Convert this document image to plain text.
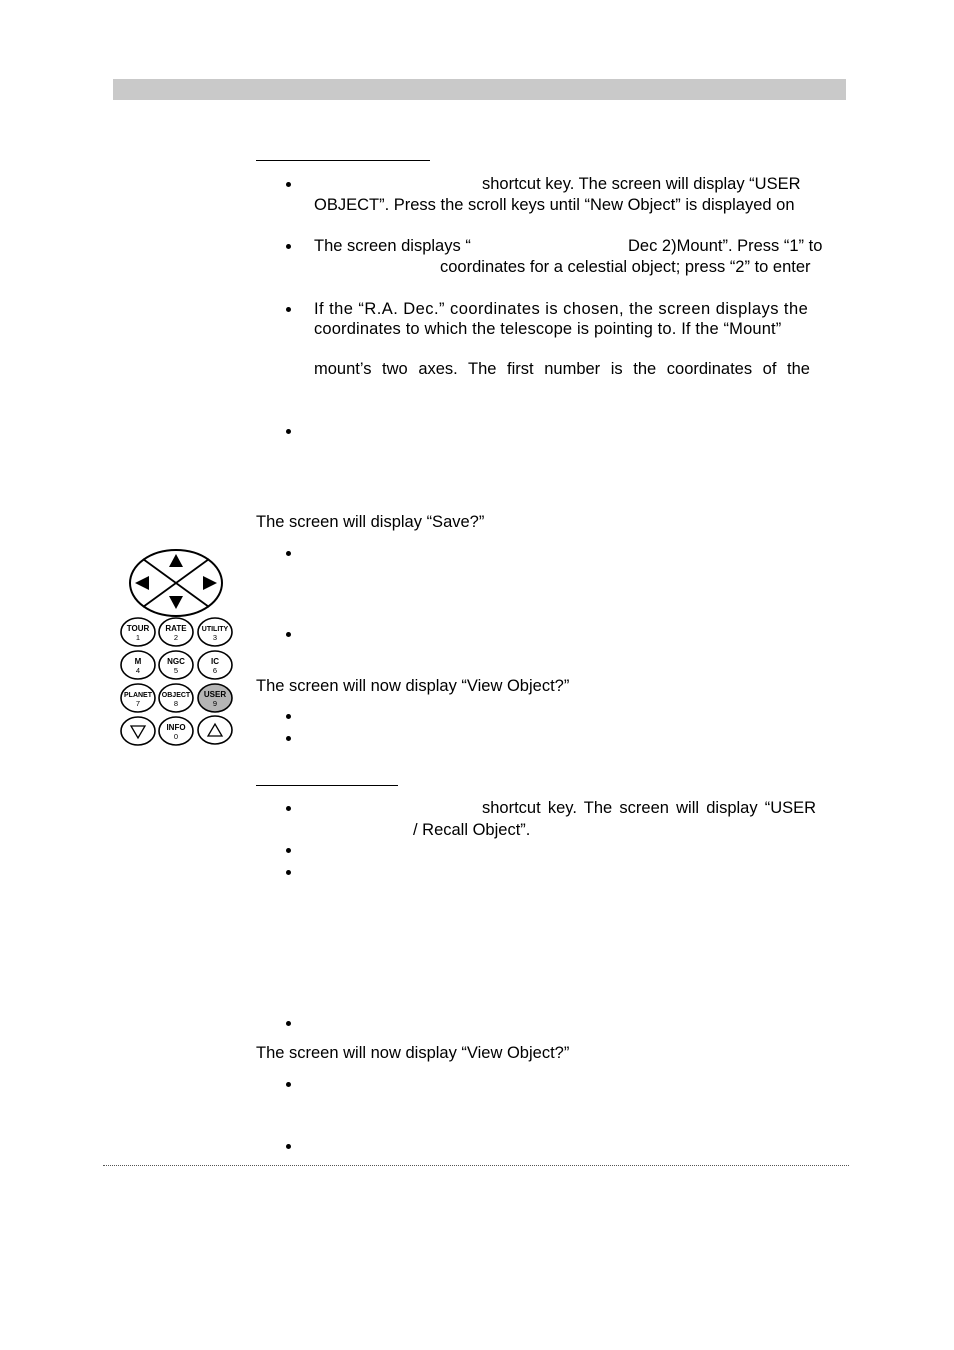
shortcut key. The screen will display “USER
OBJECT”. Press the scroll keys until “New Object” is displayed on
The screen displays “	Dec 2)Mount”. Press “1” to
coordinates for a celestial object; press “2” to enter
If the “R.A. Dec.” coordinates is chosen, the screen displays the
coordinates to which the telescope is pointing to. If the “Mount”
mount’s two axes. The first number is the coordinates of the
The screen will display “Save?”
The screen will now display “View Object?”
shortcut key. The screen will display “USER
/ Recall Object”.
The screen will now display “View Object?”
TOUR
1
RATE
2
UTILITY
3
M
4
NGC
5
IC
6
PLANET
7
OBJECT
8
USER
9
INFO
0
